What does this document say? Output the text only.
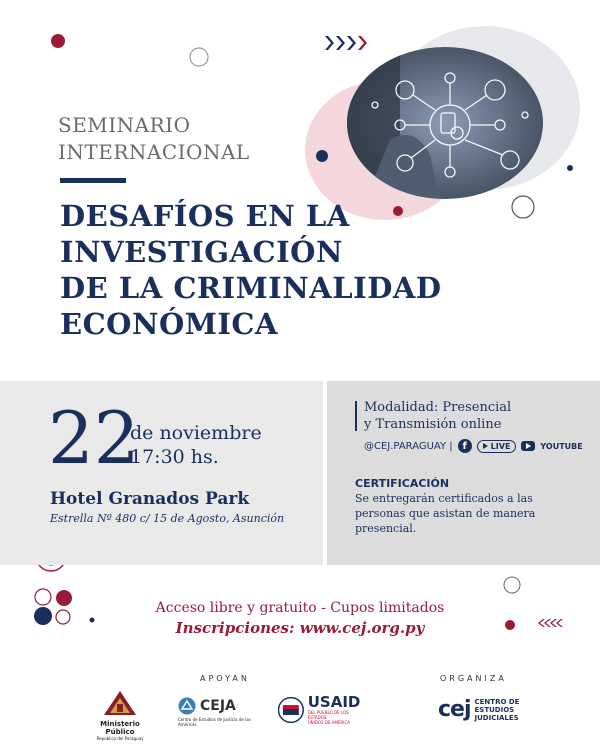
SEMINARIO
INTERNACIONAL
DESAFÍOS EN LA
INVESTIGACIÓN
DE LA CRIMINALIDAD
ECONÓMICA
22
de noviembre
17:30 hs.
Hotel Granados Park
Estrella Nº 480 c/ 15 de Agosto, Asunción
Modalidad: Presencial
y Transmisión online
@CEJ.PARAGUAY | f	LIVE	YOUTUBE
CERTIFICACIÓN
Se entregarán certificados a las personas que asistan de manera presencial.
Acceso libre y gratuito - Cupos limitados
Inscripciones: www.cej.org.py
APOYAN	ORGANIZA
Ministerio Público
República del Paraguay
CEJA
Centro de Estudios de Justicia de las Américas
USAID
DEL PUEBLO DE LOS ESTADOS
UNIDOS DE AMÉRICA
cej CENTRO DE
ESTUDIOS
JUDICIALES
